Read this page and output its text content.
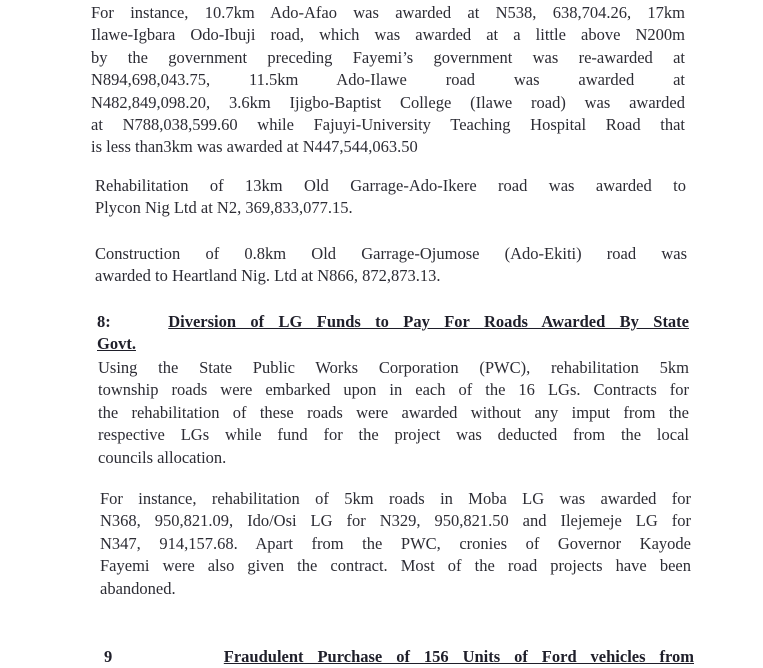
For instance, 10.7km Ado-Afao was awarded at N538, 638,704.26, 17km
Ilawe-Igbara Odo-Ibuji road, which was awarded at a little above N200m
by the government preceding Fayemi’s government was re-awarded at
N894,698,043.75, 11.5km Ado-Ilawe road was awarded at
N482,849,098.20, 3.6km Ijigbo-Baptist College (Ilawe road) was awarded
at N788,038,599.60 while Fajuyi-University Teaching Hospital Road that
is less than3km was awarded at N447,544,063.50
Rehabilitation of 13km Old Garrage-Ado-Ikere road was awarded to
Plycon Nig Ltd at N2, 369,833,077.15.
Construction of 0.8km Old Garrage-Ojumose (Ado-Ekiti) road was
awarded to Heartland Nig. Ltd at N866, 872,873.13.
8:	Diversion of LG Funds to Pay For Roads Awarded By State
Govt.
Using the State Public Works Corporation (PWC), rehabilitation 5km
township roads were embarked upon in each of the 16 LGs. Contracts for
the rehabilitation of these roads were awarded without any imput from the
respective LGs while fund for the project was deducted from the local
councils allocation.
For instance, rehabilitation of 5km roads in Moba LG was awarded for
N368, 950,821.09, Ido/Osi LG for N329, 950,821.50 and Ilejemeje LG for
N347, 914,157.68. Apart from the PWC, cronies of Governor Kayode
Fayemi were also given the contract. Most of the road projects have been
abandoned.
9	Fraudulent Purchase of 156 Units of Ford vehicles from
